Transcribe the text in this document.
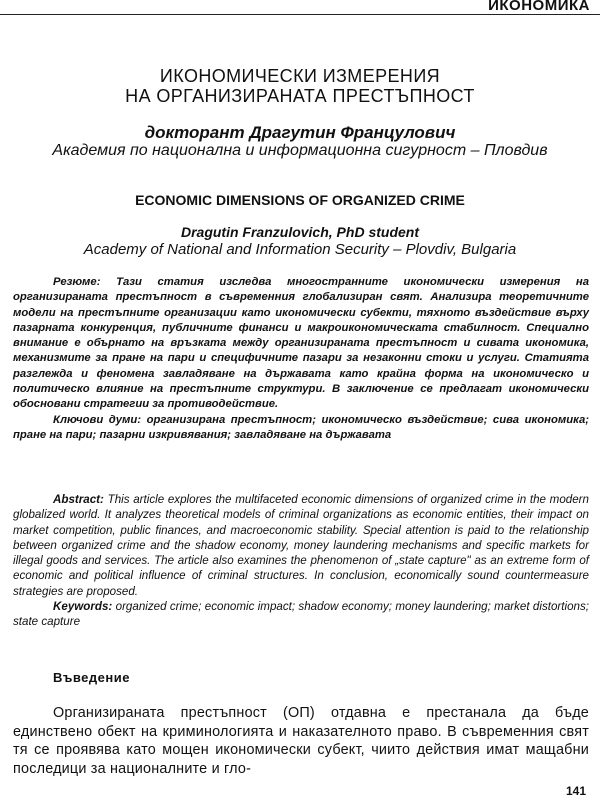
ИКОНОМИКА
ИКОНОМИЧЕСКИ ИЗМЕРЕНИЯ
НА ОРГАНИЗИРАНАТА ПРЕСТЪПНОСТ
докторант Драгутин Францулович
Академия по национална и информационна сигурност – Пловдив
ECONOMIC DIMENSIONS OF ORGANIZED CRIME
Dragutin Franzulovich, PhD student
Academy of National and Information Security – Plovdiv, Bulgaria

Резюме: Тази статия изследва многостранните икономически измерения на организираната престъпност в съвременния глобализиран свят. Анализира теоретичните модели на престъпните организации като икономически субекти, тяхното въздействие върху пазарната конкуренция, публичните финанси и макроикономическата стабилност. Специално внимание е обърнато на връзката между организираната престъпност и сивата икономика, механизмите за пране на пари и специфичните пазари за незаконни стоки и услуги. Статията разглежда и феномена завладяване на държавата като крайна форма на икономическо и политическо влияние на престъпните структури. В заключение се предлагат икономически обосновани стратегии за противодействие.

Ключови думи: организирана престъпност; икономическо въздействие; сива икономика; пране на пари; пазарни изкривявания; завладяване на държавата

Abstract: This article explores the multifaceted economic dimensions of organized crime in the modern globalized world. It analyzes theoretical models of criminal organizations as economic entities, their impact on market competition, public finances, and macroeconomic stability. Special attention is paid to the relationship between organized crime and the shadow economy, money laundering mechanisms and specific markets for illegal goods and services. The article also examines the phenomenon of „state capture" as an extreme form of economic and political influence of criminal structures. In conclusion, economically sound countermeasure strategies are proposed.

Keywords: organized crime; economic impact; shadow economy; money laundering; market distortions; state capture

Въведение

Организираната престъпност (ОП) отдавна е престанала да бъде единствено обект на криминологията и наказателното право. В съвременния свят тя се проявява като мощен икономически субект, чиито действия имат мащабни последици за националните и гло-

141
